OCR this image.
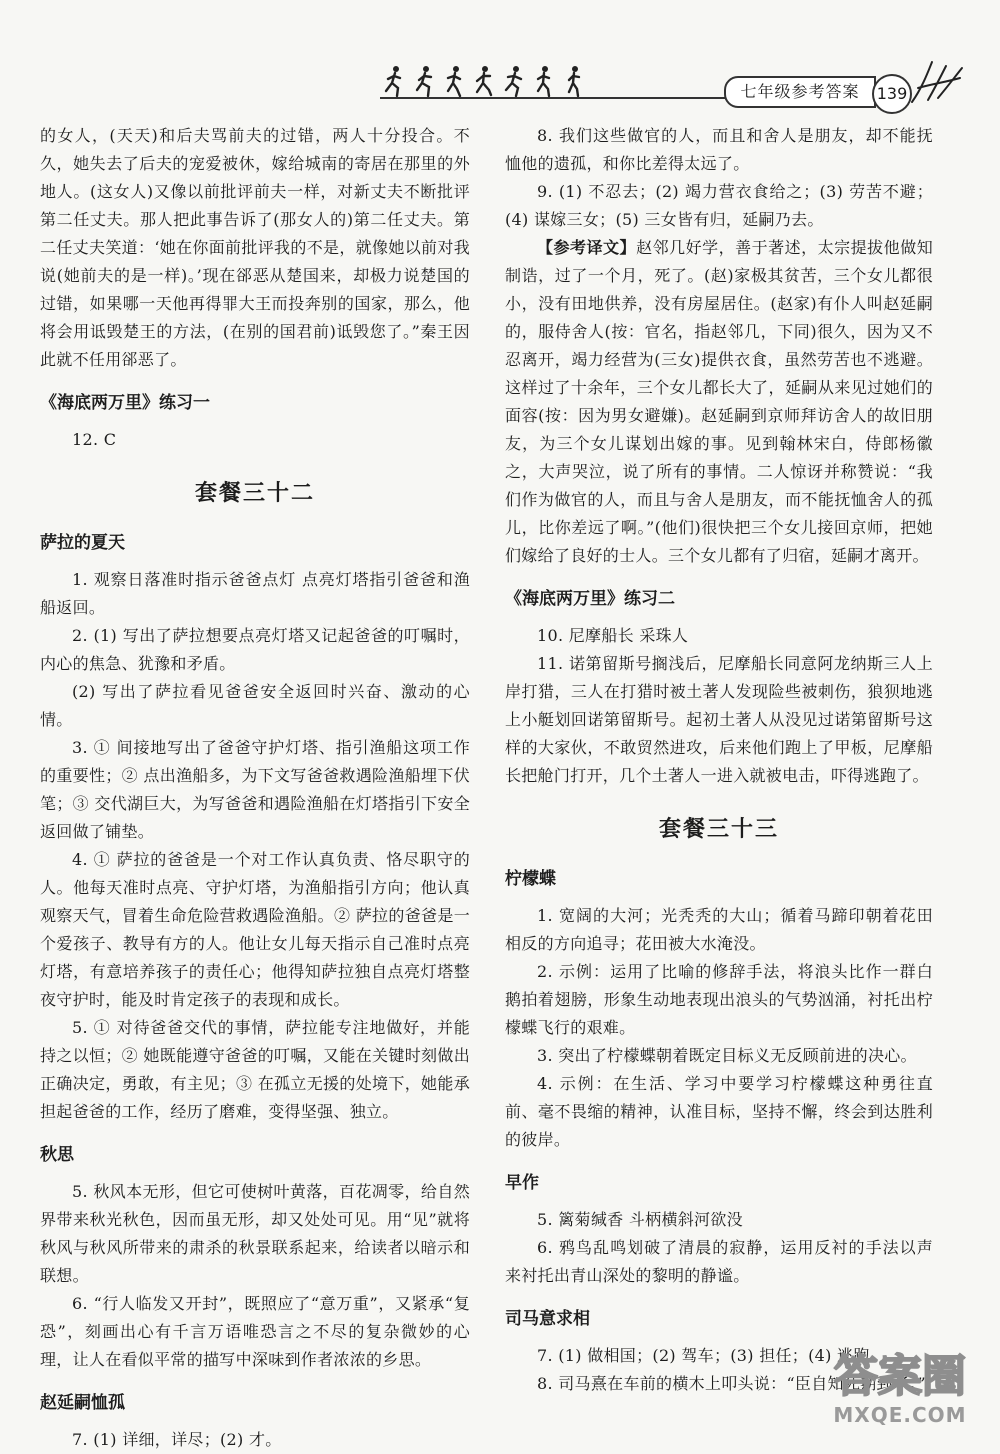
七年级参考答案	139

的女人，(天天)和后夫骂前夫的过错，两人十分投合。不久，她失去了后夫的宠爱被休，嫁给城南的寄居在那里的外地人。(这女人)又像以前批评前夫一样，对新丈夫不断批评第二任丈夫。那人把此事告诉了(那女人的)第二任丈夫。第二任丈夫笑道：‘她在你面前批评我的不是，就像她以前对我说(她前夫的是一样)。’现在郤恶从楚国来，却极力说楚国的过错，如果哪一天他再得罪大王而投奔别的国家，那么，他将会用诋毁楚王的方法，(在别的国君前)诋毁您了。”秦王因此就不任用郤恶了。

《海底两万里》练习一

12. C

套餐三十二
萨拉的夏天

1. 观察日落准时指示爸爸点灯 点亮灯塔指引爸爸和渔船返回。

2. (1) 写出了萨拉想要点亮灯塔又记起爸爸的叮嘱时，内心的焦急、犹豫和矛盾。

(2) 写出了萨拉看见爸爸安全返回时兴奋、激动的心情。

3. ① 间接地写出了爸爸守护灯塔、指引渔船这项工作的重要性；② 点出渔船多，为下文写爸爸救遇险渔船埋下伏笔；③ 交代湖巨大，为写爸爸和遇险渔船在灯塔指引下安全返回做了铺垫。

4. ① 萨拉的爸爸是一个对工作认真负责、恪尽职守的人。他每天准时点亮、守护灯塔，为渔船指引方向；他认真观察天气，冒着生命危险营救遇险渔船。② 萨拉的爸爸是一个爱孩子、教导有方的人。他让女儿每天指示自己准时点亮灯塔，有意培养孩子的责任心；他得知萨拉独自点亮灯塔整夜守护时，能及时肯定孩子的表现和成长。

5. ① 对待爸爸交代的事情，萨拉能专注地做好，并能持之以恒；② 她既能遵守爸爸的叮嘱，又能在关键时刻做出正确决定，勇敢，有主见；③ 在孤立无援的处境下，她能承担起爸爸的工作，经历了磨难，变得坚强、独立。

秋思

5. 秋风本无形，但它可使树叶黄落，百花凋零，给自然界带来秋光秋色，因而虽无形，却又处处可见。用“见”就将秋风与秋风所带来的肃杀的秋景联系起来，给读者以暗示和联想。

6. “行人临发又开封”，既照应了“意万重”，又紧承“复恐”，刻画出心有千言万语唯恐言之不尽的复杂微妙的心理，让人在看似平常的描写中深味到作者浓浓的乡思。

赵延嗣恤孤

7. (1) 详细，详尽；(2) 才。

8. 我们这些做官的人，而且和舍人是朋友，却不能抚恤他的遗孤，和你比差得太远了。

9. (1) 不忍去；(2) 竭力营衣食给之；(3) 劳苦不避；(4) 谋嫁三女；(5) 三女皆有归，延嗣乃去。

【参考译文】赵邻几好学，善于著述，太宗提拔他做知制诰，过了一个月，死了。(赵)家极其贫苦，三个女儿都很小，没有田地供养，没有房屋居住。(赵家)有仆人叫赵延嗣的，服侍舍人(按：官名，指赵邻几，下同)很久，因为又不忍离开，竭力经营为(三女)提供衣食，虽然劳苦也不逃避。这样过了十余年，三个女儿都长大了，延嗣从来见过她们的面容(按：因为男女避嫌)。赵延嗣到京师拜访舍人的故旧朋友，为三个女儿谋划出嫁的事。见到翰林宋白，侍郎杨徽之，大声哭泣，说了所有的事情。二人惊讶并称赞说：“我们作为做官的人，而且与舍人是朋友，而不能抚恤舍人的孤儿，比你差远了啊。”(他们)很快把三个女儿接回京师，把她们嫁给了良好的士人。三个女儿都有了归宿，延嗣才离开。

《海底两万里》练习二

10. 尼摩船长 采珠人

11. 诺第留斯号搁浅后，尼摩船长同意阿龙纳斯三人上岸打猎，三人在打猎时被土著人发现险些被刺伤，狼狈地逃上小艇划回诺第留斯号。起初土著人从没见过诺第留斯号这样的大家伙，不敢贸然进攻，后来他们跑上了甲板，尼摩船长把舱门打开，几个土著人一进入就被电击，吓得逃跑了。

套餐三十三
柠檬蝶

1. 宽阔的大河；光秃秃的大山；循着马蹄印朝着花田相反的方向追寻；花田被大水淹没。

2. 示例：运用了比喻的修辞手法，将浪头比作一群白鹅拍着翅膀，形象生动地表现出浪头的气势汹涌，衬托出柠檬蝶飞行的艰难。

3. 突出了柠檬蝶朝着既定目标义无反顾前进的决心。

4. 示例：在生活、学习中要学习柠檬蝶这种勇往直前、毫不畏缩的精神，认准目标，坚持不懈，终会到达胜利的彼岸。

早作

5. 篱菊缄香 斗柄横斜河欲没

6. 鸦鸟乱鸣划破了清晨的寂静，运用反衬的手法以声来衬托出青山深处的黎明的静谧。

司马意求相

7. (1) 做相国；(2) 驾车；(3) 担任；(4) 逃跑。

8. 司马熹在车前的横木上叩头说：“臣自知死期到了。”

答案圈
MXQE.COM
